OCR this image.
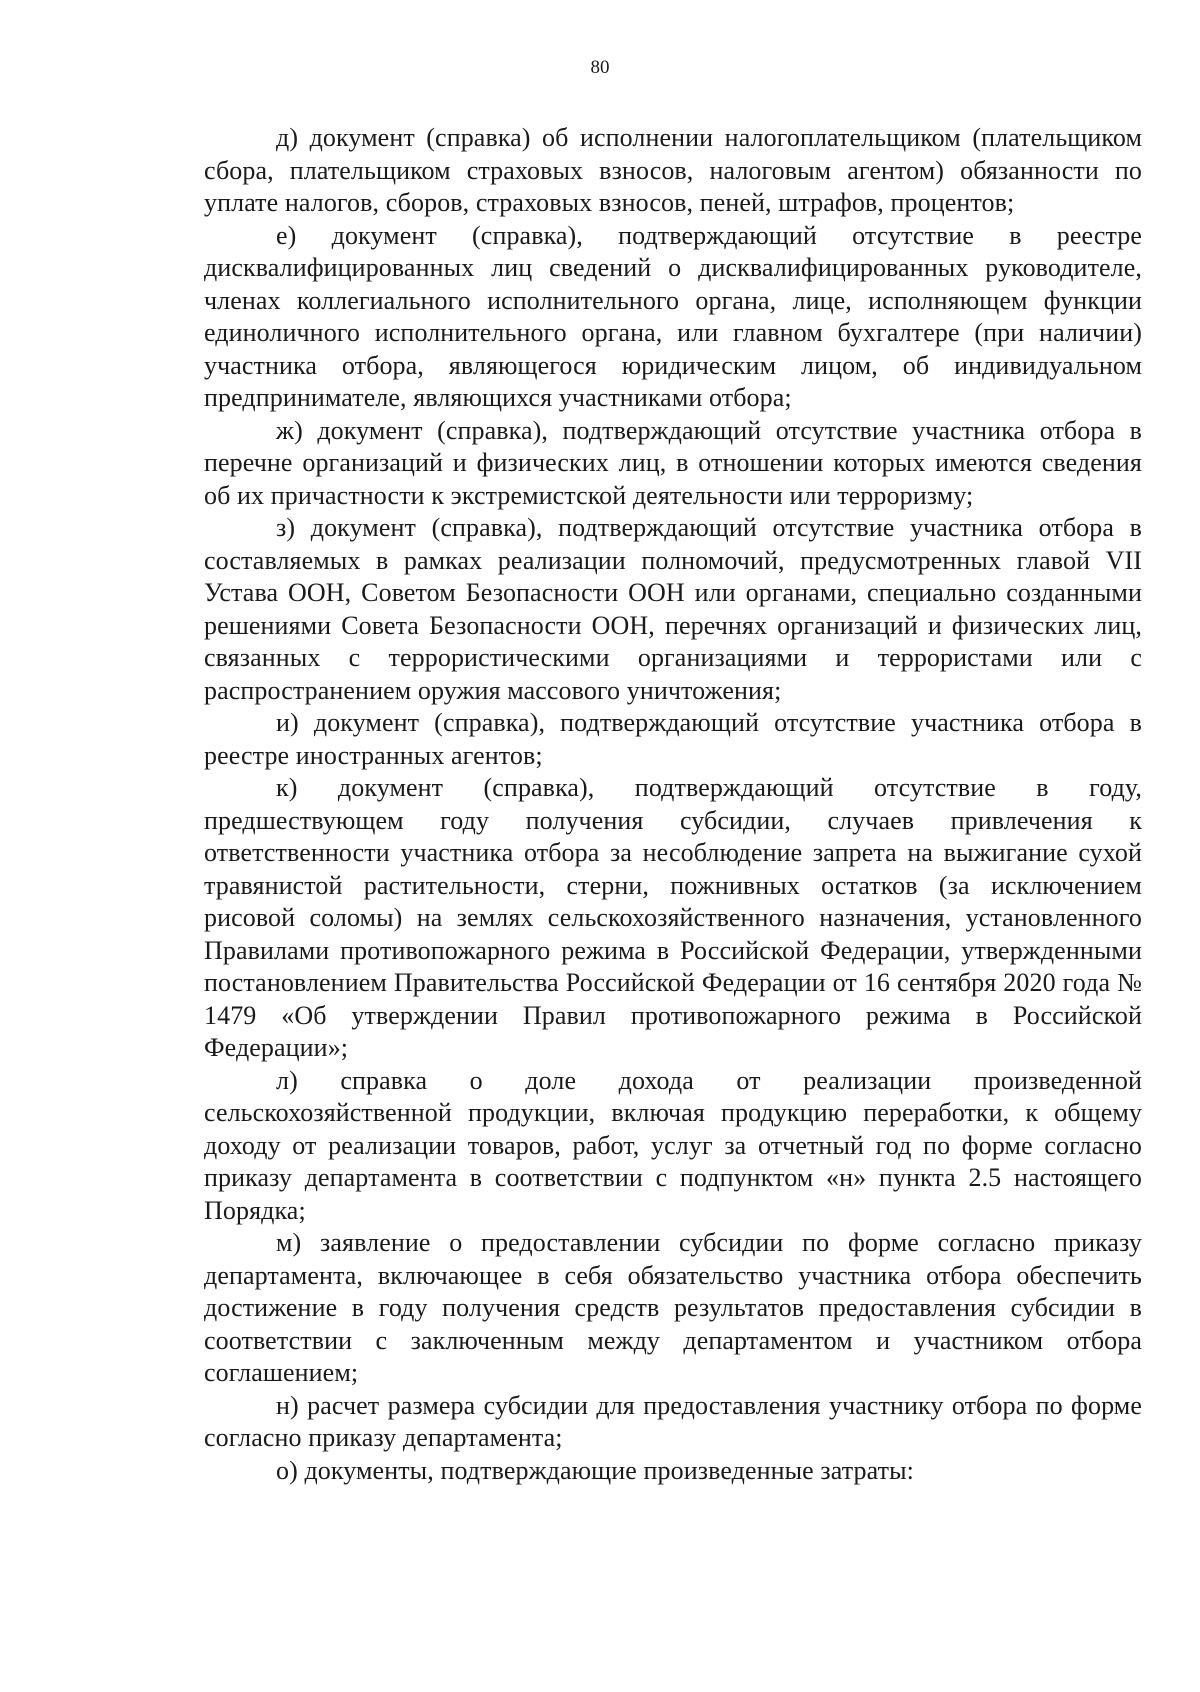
80

д) документ (справка) об исполнении налогоплательщиком (плательщиком сбора, плательщиком страховых взносов, налоговым агентом) обязанности по уплате налогов, сборов, страховых взносов, пеней, штрафов, процентов;

е) документ (справка), подтверждающий отсутствие в реестре дисквалифицированных лиц сведений о дисквалифицированных руководителе, членах коллегиального исполнительного органа, лице, исполняющем функции единоличного исполнительного органа, или главном бухгалтере (при наличии) участника отбора, являющегося юридическим лицом, об индивидуальном предпринимателе, являющихся участниками отбора;

ж) документ (справка), подтверждающий отсутствие участника отбора в перечне организаций и физических лиц, в отношении которых имеются сведения об их причастности к экстремистской деятельности или терроризму;

з) документ (справка), подтверждающий отсутствие участника отбора в составляемых в рамках реализации полномочий, предусмотренных главой VII Устава ООН, Советом Безопасности ООН или органами, специально созданными решениями Совета Безопасности ООН, перечнях организаций и физических лиц, связанных с террористическими организациями и террористами или с распространением оружия массового уничтожения;

и) документ (справка), подтверждающий отсутствие участника отбора в реестре иностранных агентов;

к) документ (справка), подтверждающий отсутствие в году, предшествующем году получения субсидии, случаев привлечения к ответственности участника отбора за несоблюдение запрета на выжигание сухой травянистой растительности, стерни, пожнивных остатков (за исключением рисовой соломы) на землях сельскохозяйственного назначения, установленного Правилами противопожарного режима в Российской Федерации, утвержденными постановлением Правительства Российской Федерации от 16 сентября 2020 года № 1479 «Об утверждении Правил противопожарного режима в Российской Федерации»;

л) справка о доле дохода от реализации произведенной сельскохозяйственной продукции, включая продукцию переработки, к общему доходу от реализации товаров, работ, услуг за отчетный год по форме согласно приказу департамента в соответствии с подпунктом «н» пункта 2.5 настоящего Порядка;

м) заявление о предоставлении субсидии по форме согласно приказу департамента, включающее в себя обязательство участника отбора обеспечить достижение в году получения средств результатов предоставления субсидии в соответствии с заключенным между департаментом и участником отбора соглашением;

н) расчет размера субсидии для предоставления участнику отбора по форме согласно приказу департамента;

о) документы, подтверждающие произведенные затраты:
